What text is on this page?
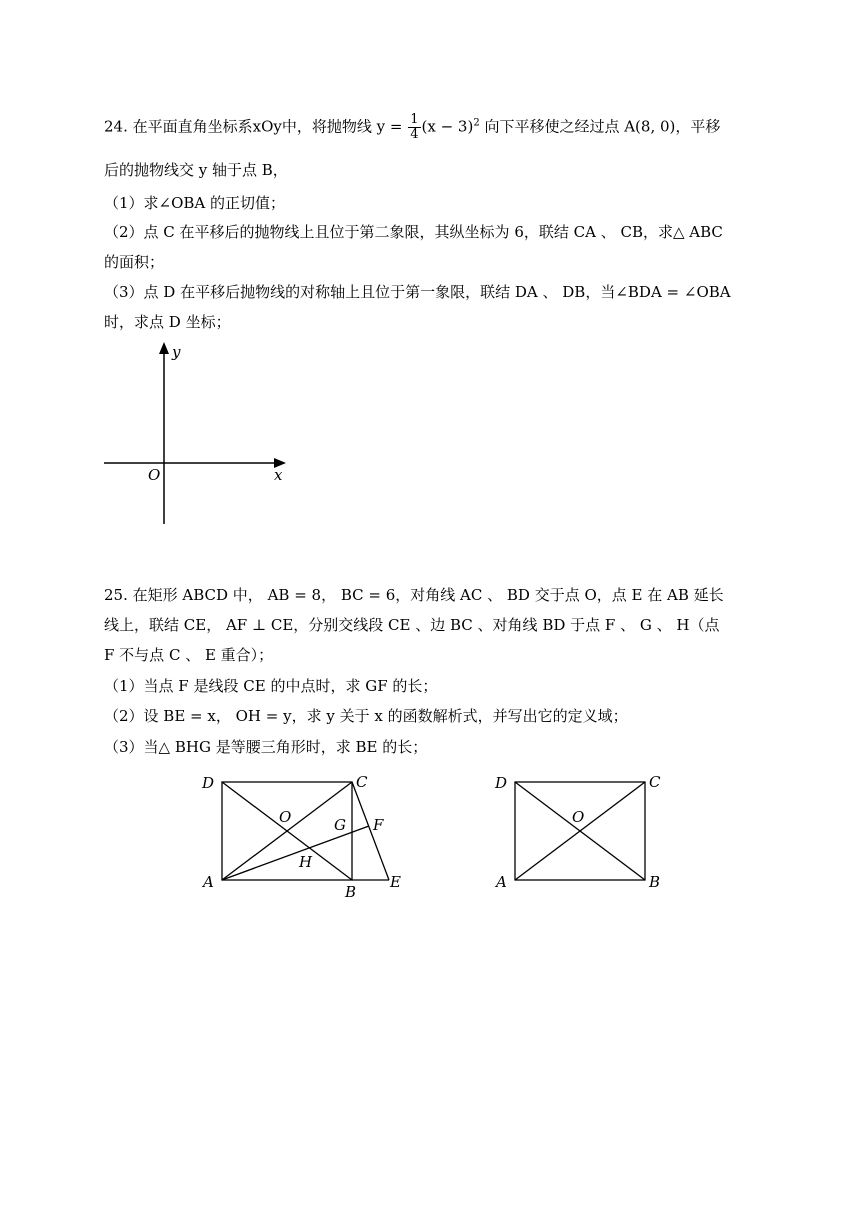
24. 在平面直角坐标系xOy中，将抛物线 $y = \frac{1}{4} (x - 3)^2$ 向下平移使之经过点 A(8, 0)，平移
后的抛物线交 y 轴于点 B，
（1）求∠OBA 的正切值；
（2）点 C 在平移后的抛物线上且位于第二象限，其纵坐标为 6，联结 CA 、 CB，求△ ABC
的面积；
（3）点 D 在平移后抛物线的对称轴上且位于第一象限，联结 DA 、 DB，当∠BDA = ∠OBA
时，求点 D 坐标；
y
x
O
25. 在矩形 ABCD 中， AB = 8， BC = 6，对角线 AC 、 BD 交于点 O，点 E 在 AB 延长
线上，联结 CE， AF ⊥ CE，分别交线段 CE 、边 BC 、对角线 BD 于点 F 、 G 、 H（点
F 不与点 C 、 E 重合）；
（1）当点 F 是线段 CE 的中点时，求 GF 的长；
（2）设 BE = x， OH = y，求 y 关于 x 的函数解析式，并写出它的定义域；
（3）当△ BHG 是等腰三角形时，求 BE 的长；
D	C
O	G F
H
A
B
E
D	C
O
A	B
